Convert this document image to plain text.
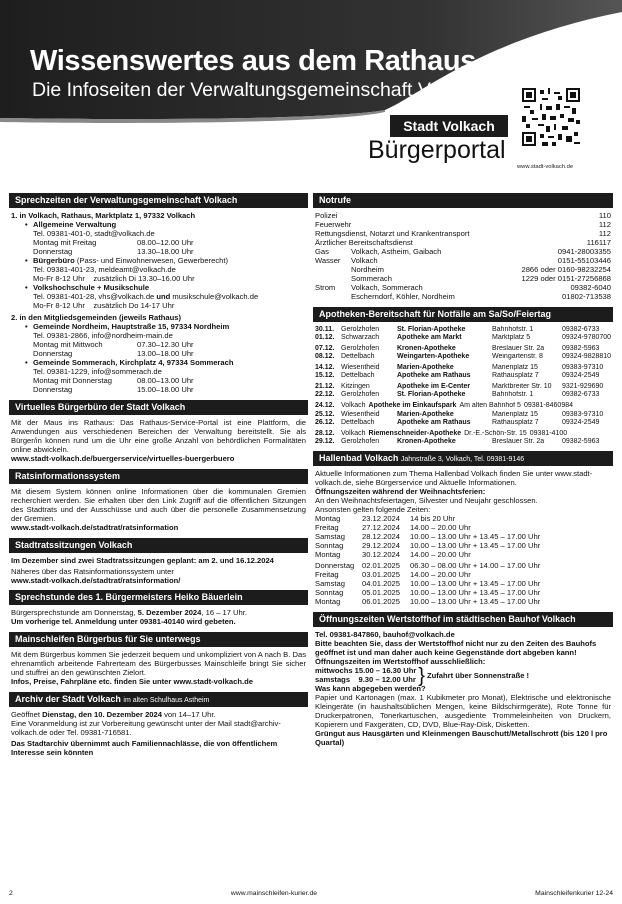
Wissenswertes aus dem Rathaus
Die Infoseiten der Verwaltungsgemeinschaft Volkach
Stadt Volkach
Bürgerportal
www.stadt-volkach.de
Sprechzeiten der Verwaltungsgemeinschaft Volkach

1. in Volkach, Rathaus, Marktplatz 1, 97332 Volkach

• Allgemeine Verwaltung

Tel. 09381-401-0, stadt@volkach.de

Montag mit Freitag	08.00–12.00 Uhr
Donnerstag	13.30–18.00 Uhr

• Bürgerbüro (Pass- und Einwohnerwesen, Gewerberecht)

Tel. 09381-401-23, meldeamt@volkach.de

Mo-Fr 8-12 Uhr    zusätzlich Di 13.30–16.00 Uhr

• Volkshochschule + Musikschule

Tel. 09381-401-28, vhs@volkach.de und musikschule@volkach.de

Mo-Fr 8-12 Uhr    zusätzlich Do 14-17 Uhr

2. in den Mitgliedsgemeinden (jeweils Rathaus)

• Gemeinde Nordheim, Hauptstraße 15, 97334 Nordheim

Tel. 09381-2866, info@nordheim-main.de

Montag mit Mittwoch	07.30–12.30 Uhr
Donnerstag	13.00–18.00 Uhr

• Gemeinde Sommerach, Kirchplatz 4, 97334 Sommerach

Tel. 09381-1229, info@sommerach.de

Montag mit Donnerstag	08.00–13.00 Uhr
Donnerstag	15.00–18.00 Uhr
Virtuelles Bürgerbüro der Stadt Volkach

Mit der Maus ins Rathaus: Das Rathaus-Service-Portal ist eine Plattform, die Anwendungen aus verschiedenen Bereichen der Verwaltung bereitstellt. Sie als Bürger/in können rund um die Uhr eine große Anzahl von behördlichen Formalitäten online abwickeln.

www.stadt-volkach.de/buergerservice/virtuelles-buergerbuero

Ratsinformationssystem

Mit diesem System können online Informationen über die kommunalen Gremien recherchiert werden. Sie erhalten über den Link Zugriff auf die öffentlichen Sitzungen des Stadtrats und der Ausschüsse und auch über die personelle Zusammensetzung der Gremien.

www.stadt-volkach.de/stadtrat/ratsinformation

Stadtratssitzungen Volkach

Im Dezember sind zwei Stadtratssitzungen geplant: am 2. und 16.12.2024

Näheres über das Ratsinformationssystem unter

www.stadt-volkach.de/stadtrat/ratsinformation/

Sprechstunde des 1. Bürgermeisters Heiko Bäuerlein

Bürgersprechstunde am Donnerstag, 5. Dezember 2024, 16 – 17 Uhr.

Um vorherige tel. Anmeldung unter 09381-40140 wird gebeten.

Mainschleifen Bürgerbus für Sie unterwegs

Mit dem Bürgerbus kommen Sie jederzeit bequem und unkompliziert von A nach B. Das ehrenamtlich arbeitende Fahrerteam des Bürgerbusses Mainschleife bringt Sie sicher und stuffrei an den gewünschten Zielort.

Infos, Preise, Fahrpläne etc. finden Sie unter www.stadt-volkach.de

Archiv der Stadt Volkach im alten Schulhaus Astheim

Geöffnet Dienstag, den 10. Dezember 2024 von 14–17 Uhr.

Eine Voranmeldung ist zur Vorbereitung gewünscht unter der Mail stadt@archiv-volkach.de oder Tel. 09381-716581.

Das Stadtarchiv übernimmt auch Familiennachlässe, die von öffentlichem Interesse sein könnten

Notrufe
Polizei	110
Feuerwehr	112
Rettungsdienst, Notarzt und Krankentransport	112
Ärztlicher Bereitschaftsdienst	116117
Gas	Volkach, Astheim, Gaibach	0941-28003355
Wasser	Volkach	0151-55103446
Nordheim	2866 oder 0160-98232254
Sommerach	1229 oder 0151-27256868
Strom	Volkach, Sommerach	09382-6040
Escherndorf, Köhler, Nordheim	01802-713538
Apotheken-Bereitschaft für Notfälle am Sa/So/Feiertag
30.11. Gerolzhofen	St. Florian-Apotheke	Bahnhofstr. 1	09382-6733
01.12. Schwarzach	Apotheke am Markt	Marktplatz 5	09324-9780700
07.12. Gerolzhofen	Kronen-Apotheke	Breslauer Str. 2a	09382-5963
08.12. Dettelbach	Weingarten-Apotheke	Weingartenstr. 8	09324-9828810
14.12. Wiesentheid	Marien-Apotheke	Marienplatz 15	09383-97310
15.12. Dettelbach	Apotheke am Rathaus	Rathausplatz 7	09324-2549
21.12. Kitzingen	Apotheke im E-Center	Marktbreiter Str. 10	9321-929690
22.12. Gerolzhofen	St. Florian-Apotheke	Bahnhofstr. 1	09382-6733
24.12. Volkach Apotheke im Einkaufspark Am alten Bahnhof 5 09381-8460984
25.12. Wiesentheid	Marien-Apotheke	Marienplatz 15	09383-97310
26.12. Dettelbach	Apotheke am Rathaus	Rathausplatz 7	09324-2549
28.12. Volkach Riemenschneider-Apotheke Dr.-E.-Schön-Str. 15 09381-4100
29.12. Gerolzhofen	Kronen-Apotheke	Breslauer Str. 2a	09382-5963
Hallenbad Volkach Jahnstraße 3, Volkach, Tel. 09381-9146

Aktuelle Informationen zum Thema Hallenbad Volkach finden Sie unter www.stadt-volkach.de, siehe Bürgerservice und Aktuelle Informationen.

Öffnungszeiten während der Weihnachtsferien:

An den Weihnachtsfeiertagen, Silvester und Neujahr geschlossen.

Ansonsten gelten folgende Zeiten:

Montag	23.12.2024	14 bis 20 Uhr
Freitag	27.12.2024	14.00 – 20.00 Uhr
Samstag	28.12.2024	10.00 – 13.00 Uhr + 13.45 – 17.00 Uhr
Sonntag	29.12.2024	10.00 – 13.00 Uhr + 13.45 – 17.00 Uhr
Montag	30.12.2024	14.00 – 20.00 Uhr
Donnerstag	02.01.2025	06.30 – 08.00 Uhr + 14.00 – 17.00 Uhr
Freitag	03.01.2025	14.00 – 20.00 Uhr
Samstag	04.01.2025	10.00 – 13.00 Uhr + 13.45 – 17.00 Uhr
Sonntag	05.01.2025	10.00 – 13.00 Uhr + 13.45 – 17.00 Uhr
Montag	06.01.2025	10.00 – 13.00 Uhr + 13.45 – 17.00 Uhr
Öffnungszeiten Wertstoffhof im städtischen Bauhof Volkach

Tel. 09381-847860, bauhof@volkach.de

Bitte beachten Sie, dass der Wertstoffhof nicht nur zu den Zeiten des Bauhofs geöffnet ist und man daher auch keine Gegenstände dort abgeben kann!

Öffnungszeiten im Wertstoffhof ausschließlich:

mittwochs 15.00 – 16.30 Uhr

samstags    9.30 – 12.00 Uhr } Zufahrt über Sonnenstraße !

Was kann abgegeben werden?

Papier und Kartonagen (max. 1 Kubikmeter pro Monat), Elektrische und elektronische Kleingeräte (in haushaltsüblichen Mengen, keine Bildschirmgeräte), Rote Tonne für Druckerpatronen, Tonerkartuschen, ausgediente Trommeleinheiten von Druckern, Kopierern und Faxgeräten, CD, DVD, Blue-Ray-Disk, Disketten.

Grüngut aus Hausgärten und Kleinmengen Bauschutt/Metallschrott (bis 120 l pro Quartal)

2	www.mainschleifen-kurier.de	Mainschleifenkurier 12-24
